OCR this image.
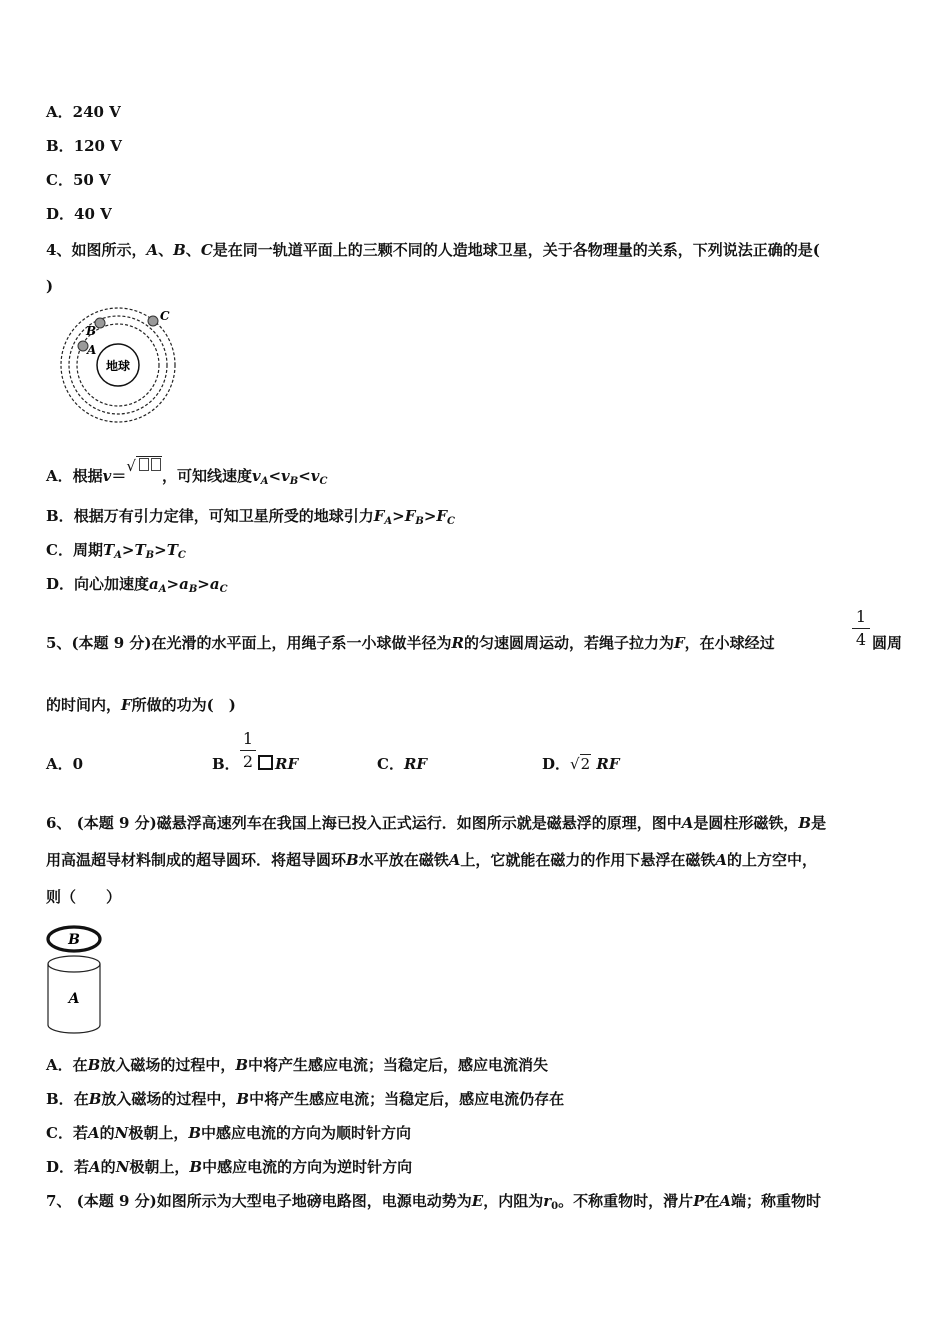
A．240 V
B．120 V
C．50 V
D．40 V
4、如图所示，A、B、C是在同一轨道平面上的三颗不同的人造地球卫星，关于各物理量的关系，下列说法正确的是(
)
地球
A
B
C
A．根据v＝√，可知线速度$v_A<v_B<v_C$
B．根据万有引力定律，可知卫星所受的地球引力$F_A>F_B>F_C$
C．周期$T_A>T_B>T_C$
D．向心加速度$a_A>a_B>a_C$
5、(本题 9 分)在光滑的水平面上，用绳子系一小球做半径为R的匀速圆周运动，若绳子拉力为F，在小球经过
1
4 圆周
的时间内，F所做的功为(　)
A．0	B．
1
2	RF	C．RF	D．√2 RF
6、 (本题 9 分)磁悬浮高速列车在我国上海已投入正式运行．如图所示就是磁悬浮的原理，图中A是圆柱形磁铁，B是
用高温超导材料制成的超导圆环．将超导圆环B水平放在磁铁A上，它就能在磁力的作用下悬浮在磁铁A的上方空中，
则（　　）
B
A
A．在B放入磁场的过程中，B中将产生感应电流；当稳定后，感应电流消失
B．在B放入磁场的过程中，B中将产生感应电流；当稳定后，感应电流仍存在
C．若A的N极朝上，B中感应电流的方向为顺时针方向
D．若A的N极朝上，B中感应电流的方向为逆时针方向
7、 (本题 9 分)如图所示为大型电子地磅电路图，电源电动势为E，内阻为$r_0$。不称重物时，滑片P在A端；称重物时
